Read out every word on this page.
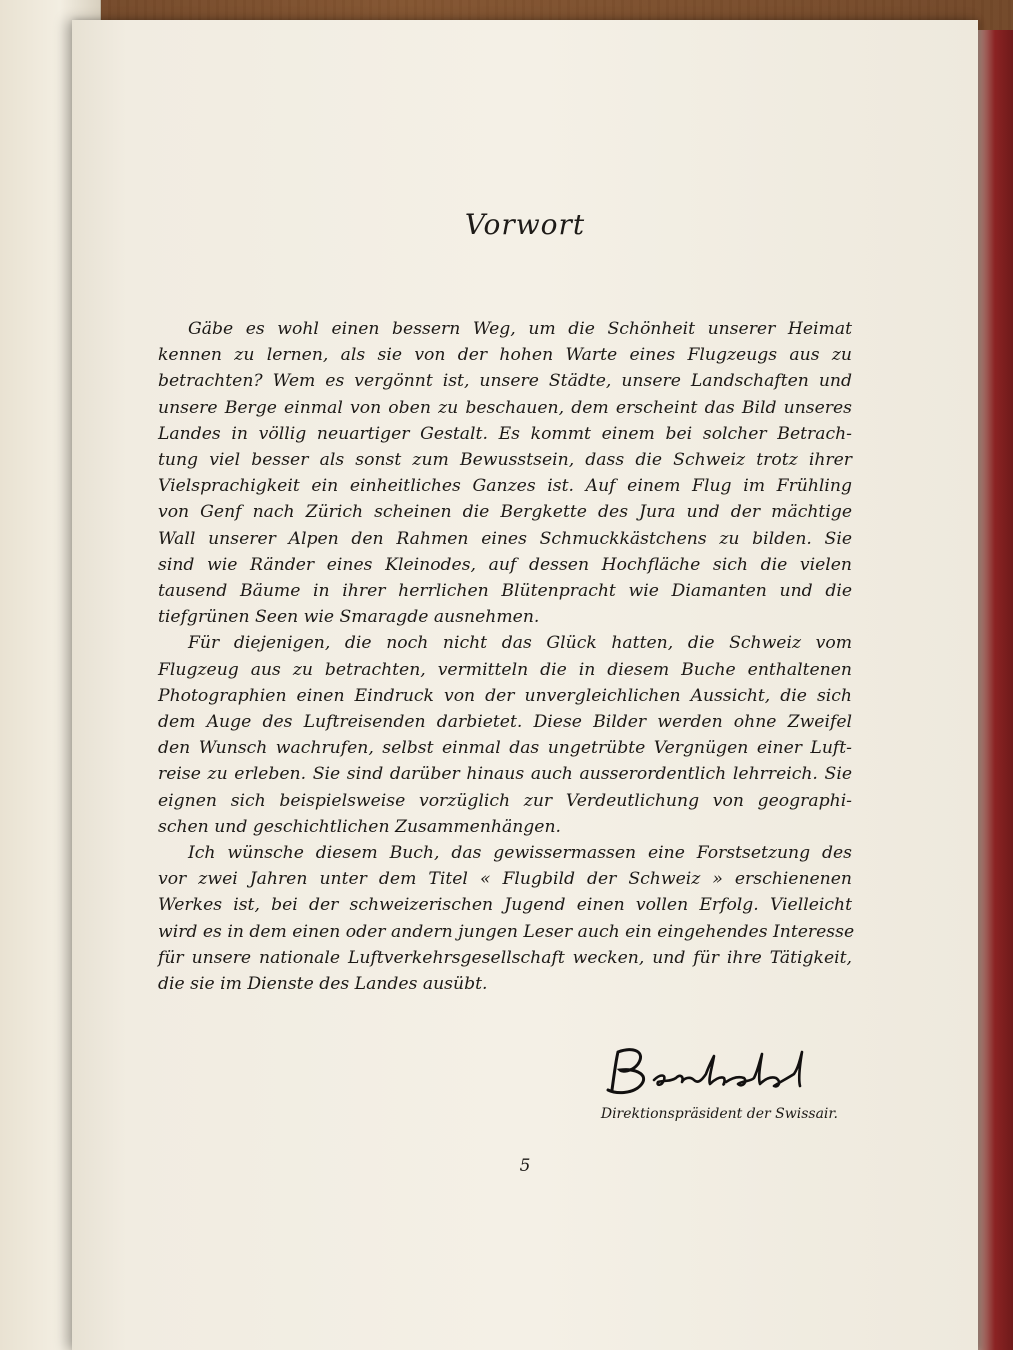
Vorwort
Gäbe es wohl einen bessern Weg, um die Schönheit unserer Heimat
kennen zu lernen, als sie von der hohen Warte eines Flugzeugs aus zu
betrachten? Wem es vergönnt ist, unsere Städte, unsere Landschaften und
unsere Berge einmal von oben zu beschauen, dem erscheint das Bild unseres
Landes in völlig neuartiger Gestalt. Es kommt einem bei solcher Betrach-
tung viel besser als sonst zum Bewusstsein, dass die Schweiz trotz ihrer
Vielsprachigkeit ein einheitliches Ganzes ist. Auf einem Flug im Frühling
von Genf nach Zürich scheinen die Bergkette des Jura und der mächtige
Wall unserer Alpen den Rahmen eines Schmuckkästchens zu bilden. Sie
sind wie Ränder eines Kleinodes, auf dessen Hochfläche sich die vielen
tausend Bäume in ihrer herrlichen Blütenpracht wie Diamanten und die
tiefgrünen Seen wie Smaragde ausnehmen.
Für diejenigen, die noch nicht das Glück hatten, die Schweiz vom
Flugzeug aus zu betrachten, vermitteln die in diesem Buche enthaltenen
Photographien einen Eindruck von der unvergleichlichen Aussicht, die sich
dem Auge des Luftreisenden darbietet. Diese Bilder werden ohne Zweifel
den Wunsch wachrufen, selbst einmal das ungetrübte Vergnügen einer Luft-
reise zu erleben. Sie sind darüber hinaus auch ausserordentlich lehrreich. Sie
eignen sich beispielsweise vorzüglich zur Verdeutlichung von geographi-
schen und geschichtlichen Zusammenhängen.
Ich wünsche diesem Buch, das gewissermassen eine Forstsetzung des
vor zwei Jahren unter dem Titel « Flugbild der Schweiz » erschienenen
Werkes ist, bei der schweizerischen Jugend einen vollen Erfolg. Vielleicht
wird es in dem einen oder andern jungen Leser auch ein eingehendes Interesse
für unsere nationale Luftverkehrsgesellschaft wecken, und für ihre Tätigkeit,
die sie im Dienste des Landes ausübt.
Direktionspräsident der Swissair.
5
